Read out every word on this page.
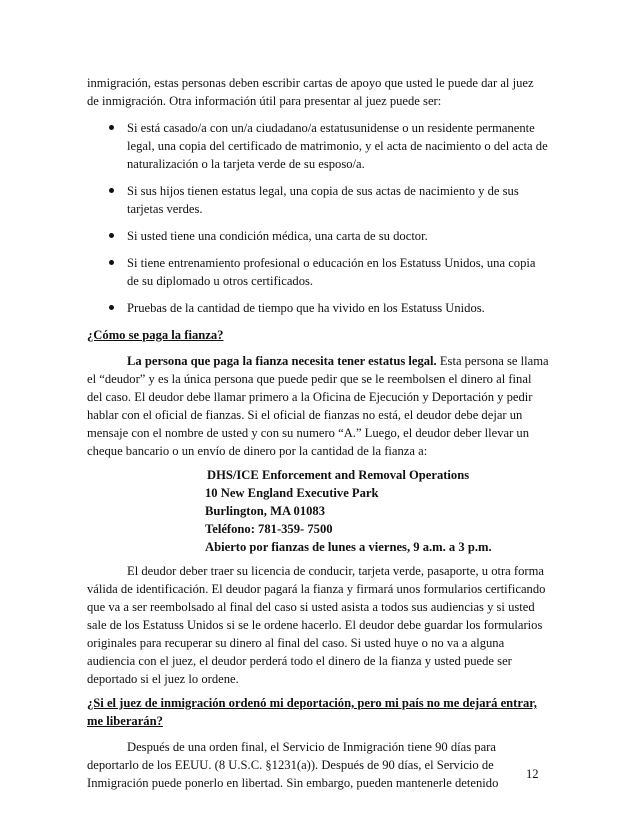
inmigración, estas personas deben escribir cartas de apoyo que usted le puede dar al juez
de inmigración. Otra información útil para presentar al juez puede ser:

Si está casado/a con un/a ciudadano/a estatusunidense o un residente permanente legal, una copia del certificado de matrimonio, y el acta de nacimiento o del acta de naturalización o la tarjeta verde de su esposo/a.
Si sus hijos tienen estatus legal, una copia de sus actas de nacimiento y de sus tarjetas verdes.
Si usted tiene una condición médica, una carta de su doctor.
Si tiene entrenamiento profesional o educación en los Estatuss Unidos, una copia de su diplomado u otros certificados.
Pruebas de la cantidad de tiempo que ha vivido en los Estatuss Unidos.

¿Cómo se paga la fianza?

La persona que paga la fianza necesita tener estatus legal. Esta persona se llama el “deudor” y es la única persona que puede pedir que se le reembolsen el dinero al final del caso. El deudor debe llamar primero a la Oficina de Ejecución y Deportación y pedir hablar con el oficial de fianzas. Si el oficial de fianzas no está, el deudor debe dejar un mensaje con el nombre de usted y con su numero “A.” Luego, el deudor deber llevar un cheque bancario o un envío de dinero por la cantidad de la fianza a:

DHS/ICE Enforcement and Removal Operations
10 New England Executive Park
Burlington, MA 01083
Teléfono: 781-359- 7500
Abierto por fianzas de lunes a viernes, 9 a.m. a 3 p.m.

El deudor deber traer su licencia de conducir, tarjeta verde, pasaporte, u otra forma válida de identificación. El deudor pagará la fianza y firmará unos formularios certificando que va a ser reembolsado al final del caso si usted asista a todos sus audiencias y si usted sale de los Estatuss Unidos si se le ordene hacerlo. El deudor debe guardar los formularios originales para recuperar su dinero al final del caso. Si usted huye o no va a alguna audiencia con el juez, el deudor perderá todo el dinero de la fianza y usted puede ser deportado si el juez lo ordene.

¿Si el juez de inmigración ordenó mi deportación, pero mi país no me dejará entrar, me liberarán?

Después de una orden final, el Servicio de Inmigración tiene 90 días para deportarlo de los EEUU. (8 U.S.C. §1231(a)). Después de 90 días, el Servicio de Inmigración puede ponerlo en libertad. Sin embargo, pueden mantenerle detenido

12
